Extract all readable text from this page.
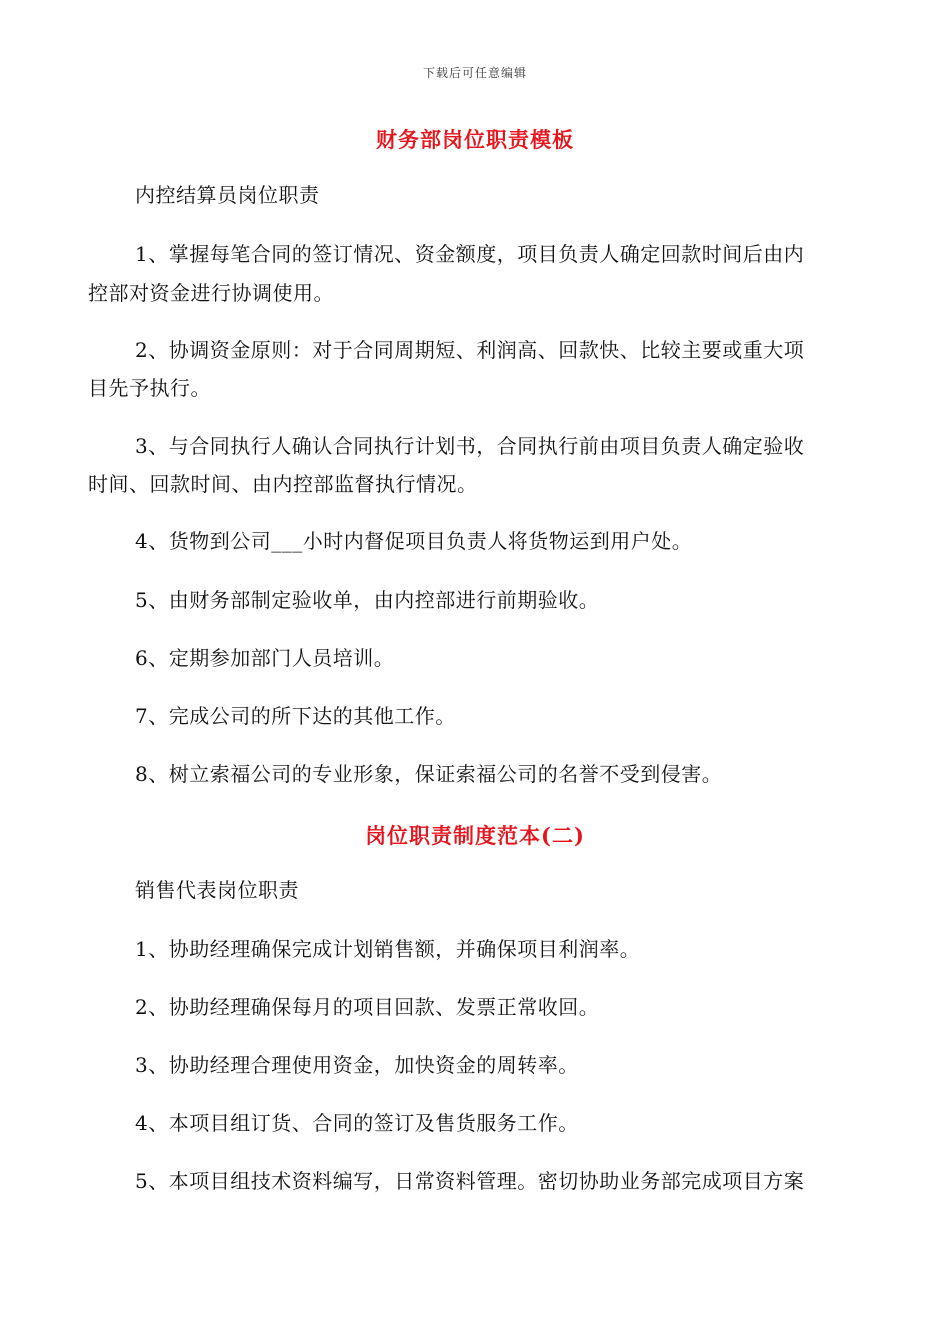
下载后可任意编辑
财务部岗位职责模板
内控结算员岗位职责
1、掌握每笔合同的签订情况、资金额度，项目负责人确定回款时间后由内
控部对资金进行协调使用。
2、协调资金原则：对于合同周期短、利润高、回款快、比较主要或重大项
目先予执行。
3、与合同执行人确认合同执行计划书，合同执行前由项目负责人确定验收
时间、回款时间、由内控部监督执行情况。
4、货物到公司___小时内督促项目负责人将货物运到用户处。
5、由财务部制定验收单，由内控部进行前期验收。
6、定期参加部门人员培训。
7、完成公司的所下达的其他工作。
8、树立索福公司的专业形象，保证索福公司的名誉不受到侵害。
岗位职责制度范本(二)
销售代表岗位职责
1、协助经理确保完成计划销售额，并确保项目利润率。
2、协助经理确保每月的项目回款、发票正常收回。
3、协助经理合理使用资金，加快资金的周转率。
4、本项目组订货、合同的签订及售货服务工作。
5、本项目组技术资料编写，日常资料管理。密切协助业务部完成项目方案
